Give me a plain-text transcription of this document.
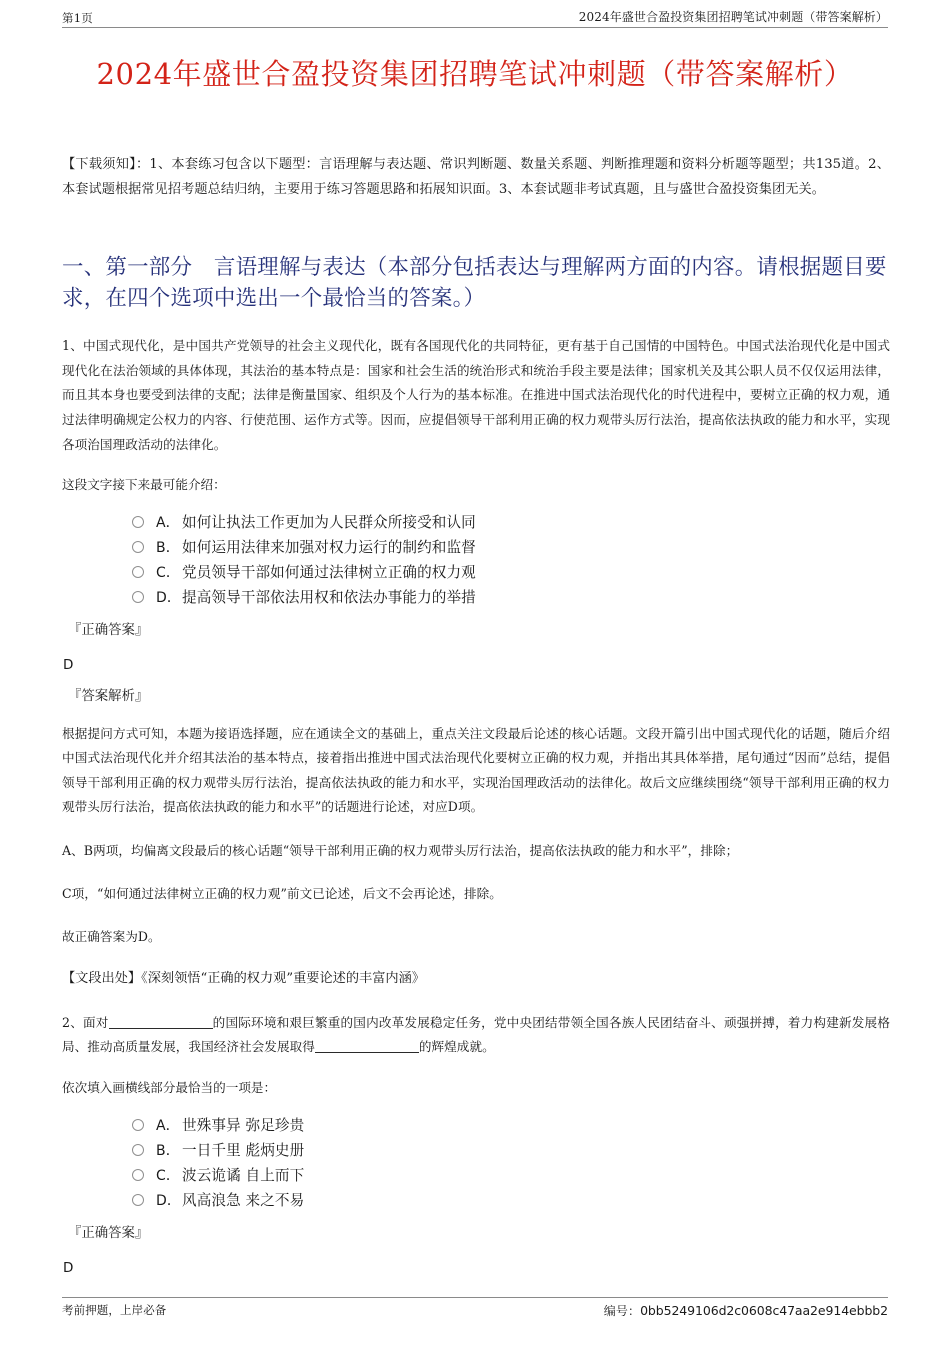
第1页	2024年盛世合盈投资集团招聘笔试冲刺题（带答案解析）
2024年盛世合盈投资集团招聘笔试冲刺题（带答案解析）

【下载须知】：1、本套练习包含以下题型：言语理解与表达题、常识判断题、数量关系题、判断推理题和资料分析题等题型；共135道。2、本套试题根据常见招考题总结归纳，主要用于练习答题思路和拓展知识面。3、本套试题非考试真题，且与盛世合盈投资集团无关。

一、第一部分　言语理解与表达（本部分包括表达与理解两方面的内容。请根据题目要求，在四个选项中选出一个最恰当的答案。）

1、中国式现代化，是中国共产党领导的社会主义现代化，既有各国现代化的共同特征，更有基于自己国情的中国特色。中国式法治现代化是中国式现代化在法治领域的具体体现，其法治的基本特点是：国家和社会生活的统治形式和统治手段主要是法律；国家机关及其公职人员不仅仅运用法律，而且其本身也要受到法律的支配；法律是衡量国家、组织及个人行为的基本标准。在推进中国式法治现代化的时代进程中，要树立正确的权力观，通过法律明确规定公权力的内容、行使范围、运作方式等。因而，应提倡领导干部利用正确的权力观带头厉行法治，提高依法执政的能力和水平，实现各项治国理政活动的法律化。

这段文字接下来最可能介绍：

A． 如何让执法工作更加为人民群众所接受和认同
B． 如何运用法律来加强对权力运行的制约和监督
C． 党员领导干部如何通过法律树立正确的权力观
D． 提高领导干部依法用权和依法办事能力的举措

『正确答案』

D

『答案解析』

根据提问方式可知，本题为接语选择题，应在通读全文的基础上，重点关注文段最后论述的核心话题。文段开篇引出中国式现代化的话题，随后介绍中国式法治现代化并介绍其法治的基本特点，接着指出推进中国式法治现代化要树立正确的权力观，并指出其具体举措，尾句通过“因而”总结，提倡领导干部利用正确的权力观带头厉行法治，提高依法执政的能力和水平，实现治国理政活动的法律化。故后文应继续围绕“领导干部利用正确的权力观带头厉行法治，提高依法执政的能力和水平”的话题进行论述，对应D项。

A、B两项，均偏离文段最后的核心话题“领导干部利用正确的权力观带头厉行法治，提高依法执政的能力和水平”，排除；

C项，“如何通过法律树立正确的权力观”前文已论述，后文不会再论述，排除。

故正确答案为D。

【文段出处】《深刻领悟“正确的权力观”重要论述的丰富内涵》

2、面对	的国际环境和艰巨繁重的国内改革发展稳定任务，党中央团结带领全国各族人民团结奋斗、顽强拼搏，着力构建新发展格局、推动高质量发展，我国经济社会发展取得	的辉煌成就。

依次填入画横线部分最恰当的一项是：

A． 世殊事异 弥足珍贵
B． 一日千里 彪炳史册
C． 波云诡谲 自上而下
D． 风高浪急 来之不易

『正确答案』

D

考前押题，上岸必备	编号：0bb5249106d2c0608c47aa2e914ebbb2
